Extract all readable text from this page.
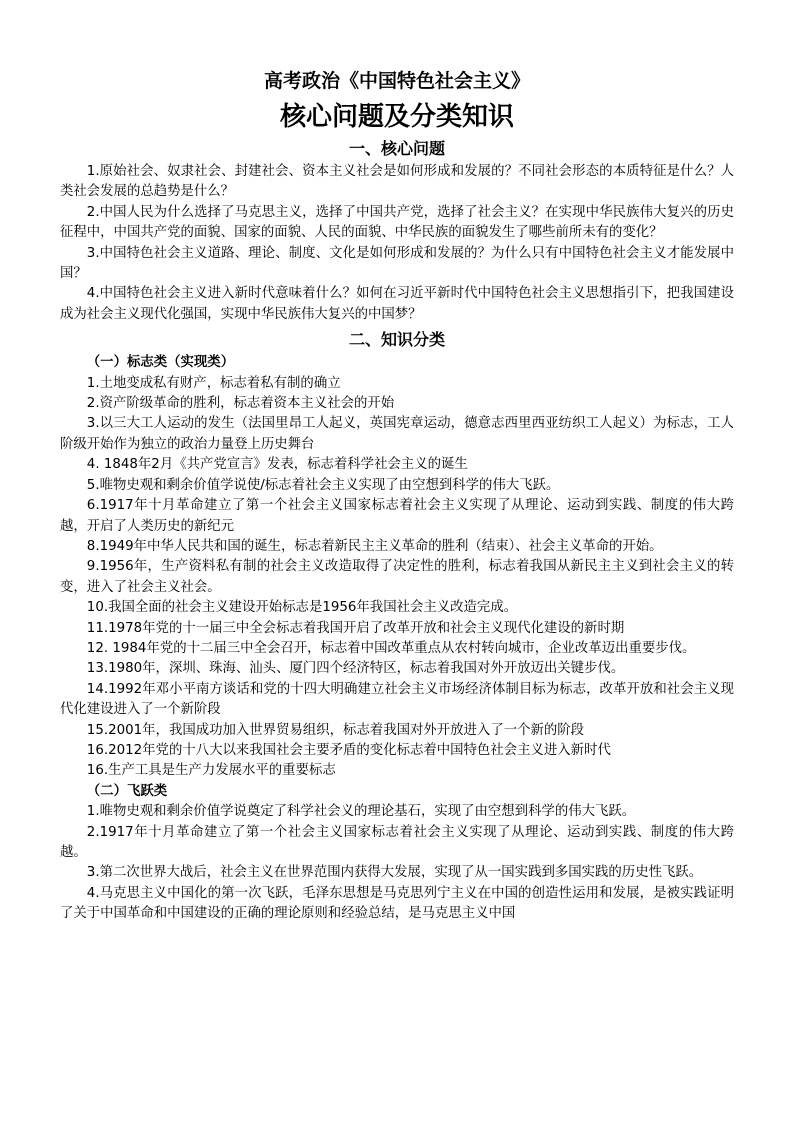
高考政治《中国特色社会主义》
核心问题及分类知识
一、核心问题

1.原始社会、奴隶社会、封建社会、资本主义社会是如何形成和发展的？不同社会形态的本质特征是什么？人类社会发展的总趋势是什么？

2.中国人民为什么选择了马克思主义，选择了中国共产党，选择了社会主义？在实现中华民族伟大复兴的历史征程中，中国共产党的面貌、国家的面貌、人民的面貌、中华民族的面貌发生了哪些前所未有的变化？

3.中国特色社会主义道路、理论、制度、文化是如何形成和发展的？为什么只有中国特色社会主义才能发展中国？

4.中国特色社会主义进入新时代意味着什么？如何在习近平新时代中国特色社会主义思想指引下，把我国建设成为社会主义现代化强国，实现中华民族伟大复兴的中国梦？

二、知识分类
（一）标志类（实现类）

1.土地变成私有财产，标志着私有制的确立

2.资产阶级革命的胜利，标志着资本主义社会的开始

3.以三大工人运动的发生（法国里昂工人起义，英国宪章运动，德意志西里西亚纺织工人起义）为标志，工人阶级开始作为独立的政治力量登上历史舞台

4. 1848年2月《共产党宣言》发表，标志着科学社会主义的诞生

5.唯物史观和剩余价值学说使/标志着社会主义实现了由空想到科学的伟大飞跃。

6.1917年十月革命建立了第一个社会主义国家标志着社会主义实现了从理论、运动到实践、制度的伟大跨越，开启了人类历史的新纪元

8.1949年中华人民共和国的诞生，标志着新民主主义革命的胜利（结束）、社会主义革命的开始。

9.1956年，生产资料私有制的社会主义改造取得了决定性的胜利，标志着我国从新民主主义到社会主义的转变，进入了社会主义社会。

10.我国全面的社会主义建设开始标志是1956年我国社会主义改造完成。

11.1978年党的十一届三中全会标志着我国开启了改革开放和社会主义现代化建设的新时期

12. 1984年党的十二届三中全会召开，标志着中国改革重点从农村转向城市，企业改革迈出重要步伐。

13.1980年，深圳、珠海、汕头、厦门四个经济特区，标志着我国对外开放迈出关键步伐。

14.1992年邓小平南方谈话和党的十四大明确建立社会主义市场经济体制目标为标志，改革开放和社会主义现代化建设进入了一个新阶段

15.2001年，我国成功加入世界贸易组织，标志着我国对外开放进入了一个新的阶段

16.2012年党的十八大以来我国社会主要矛盾的变化标志着中国特色社会主义进入新时代

16.生产工具是生产力发展水平的重要标志

（二）飞跃类

1.唯物史观和剩余价值学说奠定了科学社会义的理论基石，实现了由空想到科学的伟大飞跃。

2.1917年十月革命建立了第一个社会主义国家标志着社会主义实现了从理论、运动到实践、制度的伟大跨越。

3.第二次世界大战后，社会主义在世界范围内获得大发展，实现了从一国实践到多国实践的历史性飞跃。

4.马克思主义中国化的第一次飞跃，毛泽东思想是马克思列宁主义在中国的创造性运用和发展，是被实践证明了关于中国革命和中国建设的正确的理论原则和经验总结，是马克思主义中国
